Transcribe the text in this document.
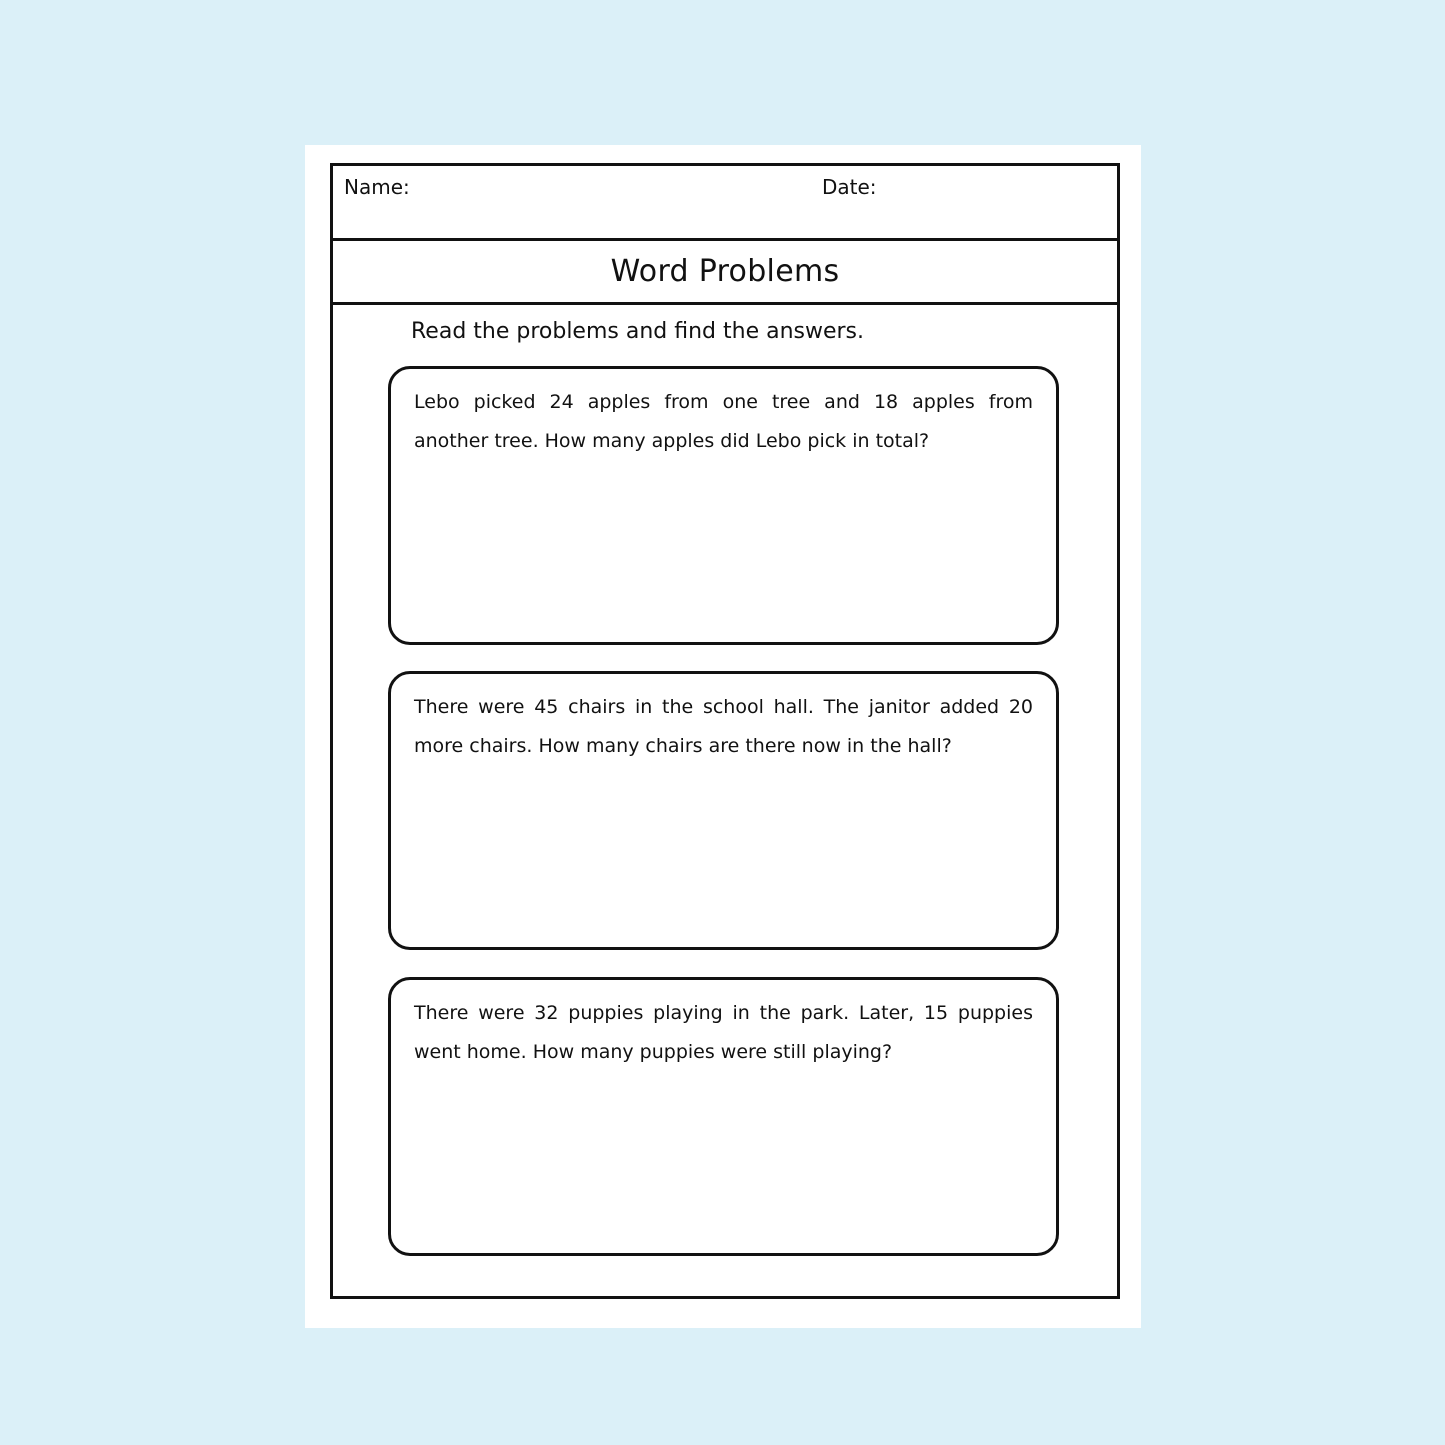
Name:	Date:
Word Problems
Read the problems and find the answers.
Lebo picked 24 apples from one tree and 18 apples from another tree. How many apples did Lebo pick in total?
There were 45 chairs in the school hall. The janitor added 20 more chairs. How many chairs are there now in the hall?
There were 32 puppies playing in the park. Later, 15 puppies went home. How many puppies were still playing?
